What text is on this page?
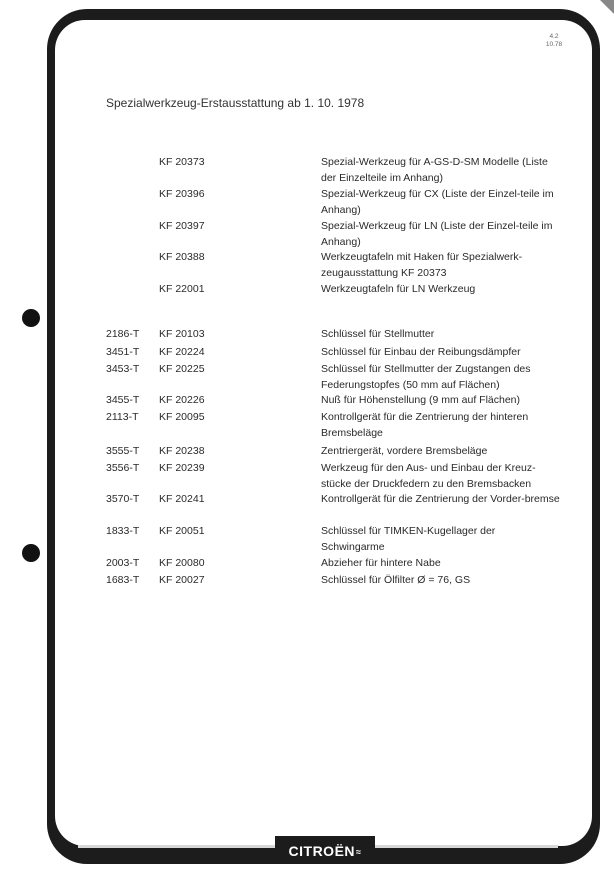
4.2
10.78
Spezialwerkzeug-Erstausstattung ab 1. 10. 1978
KF 20373	Spezial-Werkzeug für A-GS-D-SM Modelle (Liste der Einzelteile im Anhang)
KF 20396	Spezial-Werkzeug für CX (Liste der Einzel-teile im Anhang)
KF 20397	Spezial-Werkzeug für LN (Liste der Einzel-teile im Anhang)
KF 20388	Werkzeugtafeln mit Haken für Spezialwerk-zeugausstattung KF 20373
KF 22001	Werkzeugtafeln für LN Werkzeug
2186-T KF 20103	Schlüssel für Stellmutter
3451-T KF 20224	Schlüssel für Einbau der Reibungsdämpfer
3453-T KF 20225	Schlüssel für Stellmutter der Zugstangen des Federungstopfes (50 mm auf Flächen)
3455-T KF 20226	Nuß für Höhenstellung (9 mm auf Flächen)
2113-T KF 20095	Kontrollgerät für die Zentrierung der hinteren Bremsbeläge
3555-T KF 20238	Zentriergerät, vordere Bremsbeläge
3556-T KF 20239	Werkzeug für den Aus- und Einbau der Kreuz-stücke der Druckfedern zu den Bremsbacken
3570-T KF 20241	Kontrollgerät für die Zentrierung der Vorder-bremse
1833-T KF 20051	Schlüssel für TIMKEN-Kugellager der Schwingarme
2003-T KF 20080	Abzieher für hintere Nabe
1683-T KF 20027	Schlüssel für Ölfilter Ø = 76, GS
CITROËN≈
